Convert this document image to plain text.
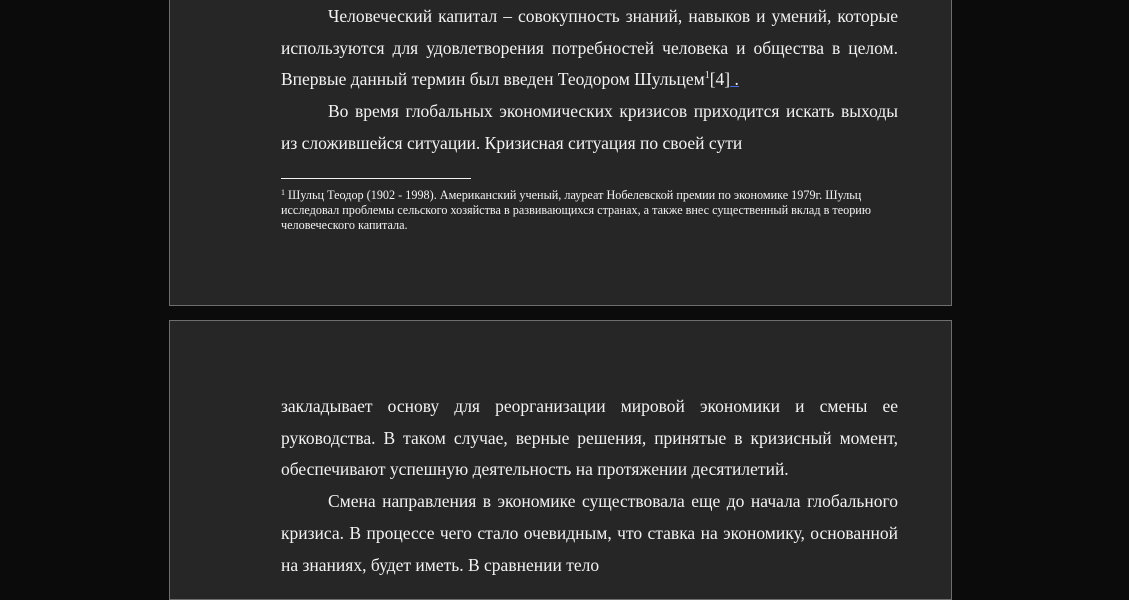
Человеческий капитал – совокупность знаний, навыков и умений, которые используются для удовлетворения потребностей человека и общества в целом. Впервые данный термин был введен Теодором Шульцем$^1$[4] .

Во время глобальных экономических кризисов приходится искать выходы из сложившейся ситуации. Кризисная ситуация по своей сути

$^1$ Шульц Теодор (1902 - 1998). Американский ученый, лауреат Нобелевской премии по экономике 1979г. Шульц исследовал проблемы сельского хозяйства в развивающихся странах, а также внес существенный вклад в теорию человеческого капитала.

закладывает основу для реорганизации мировой экономики и смены ее руководства. В таком случае, верные решения, принятые в кризисный момент, обеспечивают успешную деятельность на протяжении десятилетий.

Смена направления в экономике существовала еще до начала глобального кризиса. В процессе чего стало очевидным, что ставка на экономику, основанной на знаниях, будет иметь. В сравнении тело
